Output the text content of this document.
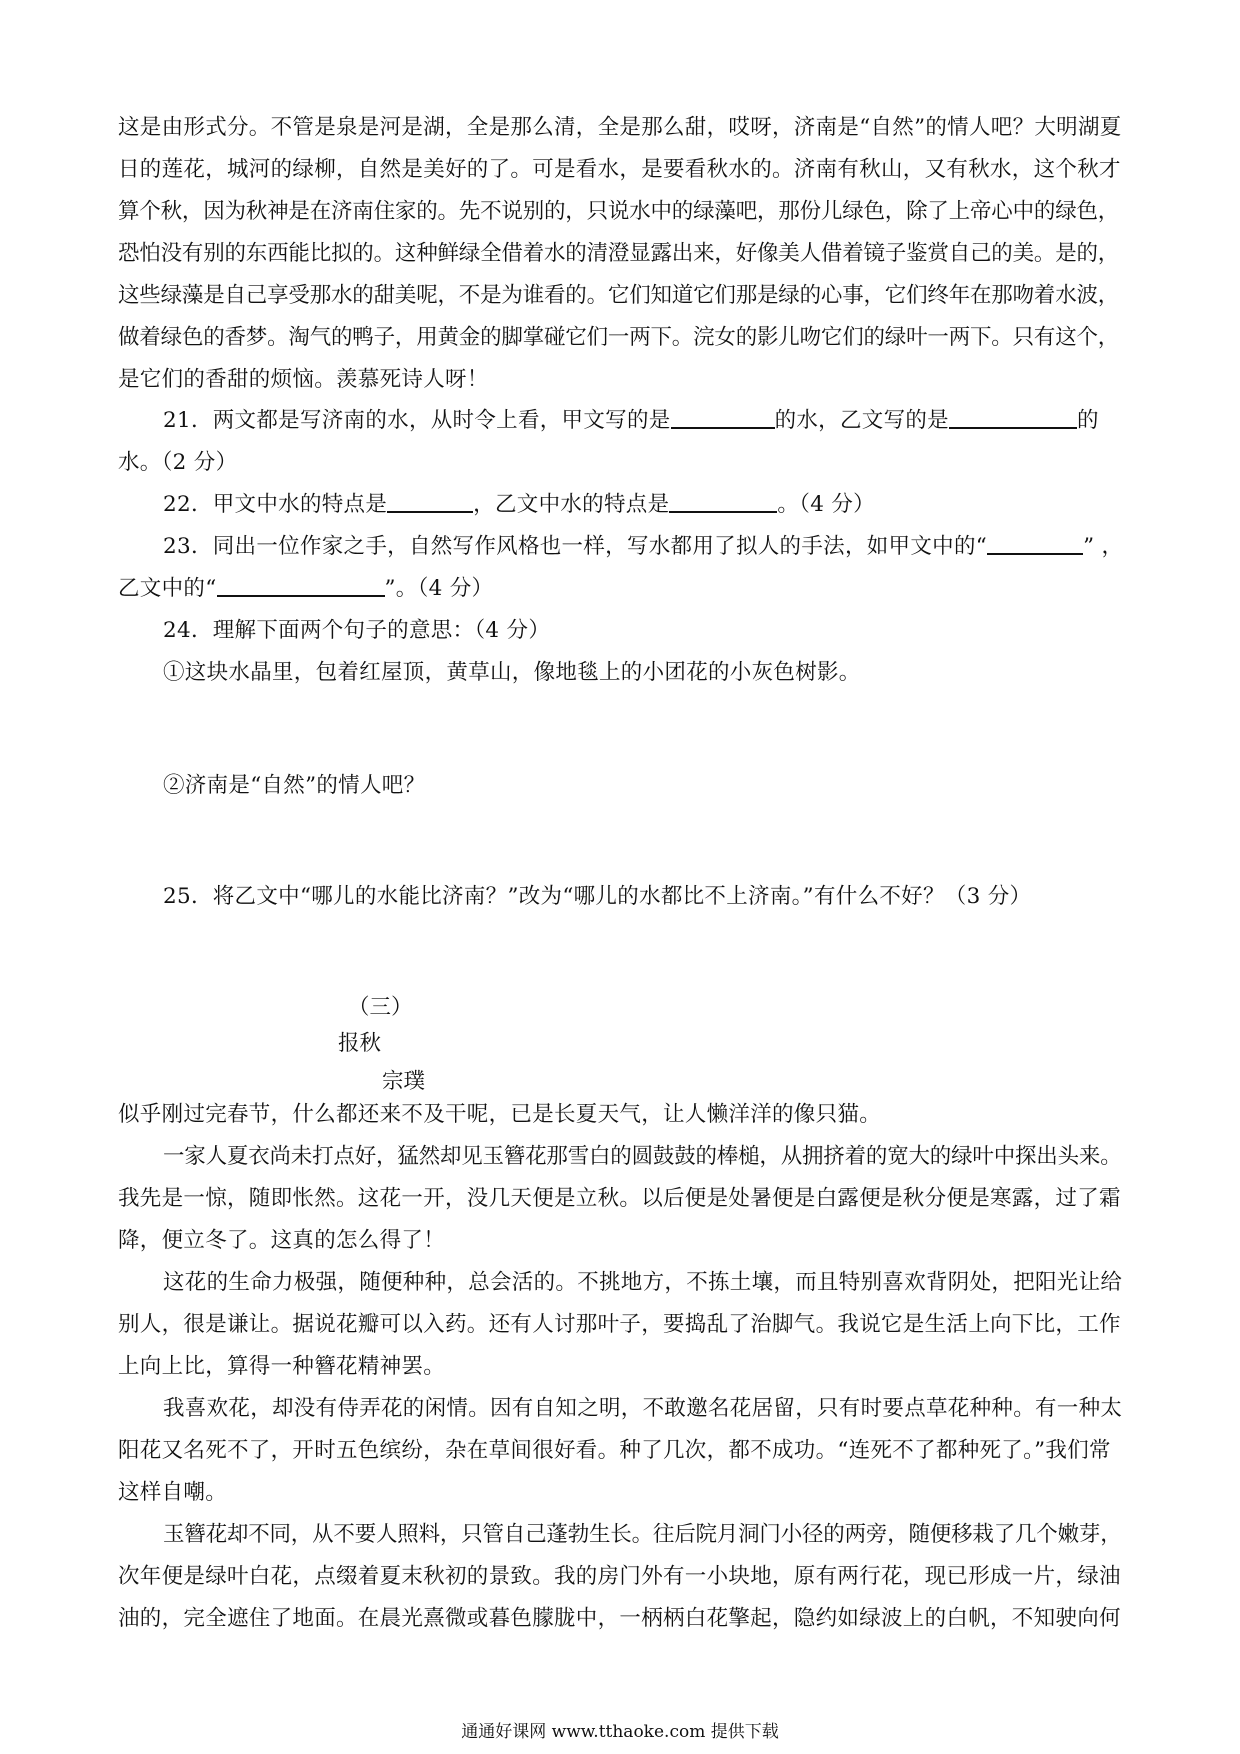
这是由形式分。不管是泉是河是湖，全是那么清，全是那么甜，哎呀，济南是“自然”的情人吧？大明湖夏
日的莲花，城河的绿柳，自然是美好的了。可是看水，是要看秋水的。济南有秋山，又有秋水，这个秋才
算个秋，因为秋神是在济南住家的。先不说别的，只说水中的绿藻吧，那份儿绿色，除了上帝心中的绿色，
恐怕没有别的东西能比拟的。这种鲜绿全借着水的清澄显露出来，好像美人借着镜子鉴赏自己的美。是的，
这些绿藻是自己享受那水的甜美呢，不是为谁看的。它们知道它们那是绿的心事，它们终年在那吻着水波，
做着绿色的香梦。淘气的鸭子，用黄金的脚掌碰它们一两下。浣女的影儿吻它们的绿叶一两下。只有这个，
是它们的香甜的烦恼。羡慕死诗人呀！
21．两文都是写济南的水，从时令上看，甲文写的是	的水，乙文写的是	的
水。（2 分）
22．甲文中水的特点是	，乙文中水的特点是	。（4 分）
23．同出一位作家之手，自然写作风格也一样，写水都用了拟人的手法，如甲文中的“	” ，
乙文中的“	”。（4 分）
24．理解下面两个句子的意思：（4 分）
①这块水晶里，包着红屋顶，黄草山，像地毯上的小团花的小灰色树影。
②济南是“自然”的情人吧？
25．将乙文中“哪儿的水能比济南？”改为“哪儿的水都比不上济南。”有什么不好？（3 分）
（三）
报秋
宗璞
似乎刚过完春节，什么都还来不及干呢，已是长夏天气，让人懒洋洋的像只猫。
一家人夏衣尚未打点好，猛然却见玉簪花那雪白的圆鼓鼓的棒槌，从拥挤着的宽大的绿叶中探出头来。
我先是一惊，随即怅然。这花一开，没几天便是立秋。以后便是处暑便是白露便是秋分便是寒露，过了霜
降，便立冬了。这真的怎么得了！
这花的生命力极强，随便种种，总会活的。不挑地方，不拣土壤，而且特别喜欢背阴处，把阳光让给
别人，很是谦让。据说花瓣可以入药。还有人讨那叶子，要捣乱了治脚气。我说它是生活上向下比，工作
上向上比，算得一种簪花精神罢。
我喜欢花，却没有侍弄花的闲情。因有自知之明，不敢邀名花居留，只有时要点草花种种。有一种太
阳花又名死不了，开时五色缤纷，杂在草间很好看。种了几次，都不成功。“连死不了都种死了。”我们常
这样自嘲。
玉簪花却不同，从不要人照料，只管自己蓬勃生长。往后院月洞门小径的两旁，随便移栽了几个嫩芽，
次年便是绿叶白花，点缀着夏末秋初的景致。我的房门外有一小块地，原有两行花，现已形成一片，绿油
油的，完全遮住了地面。在晨光熹微或暮色朦胧中，一柄柄白花擎起，隐约如绿波上的白帆，不知驶向何
通通好课网 www.tthaoke.com 提供下载
